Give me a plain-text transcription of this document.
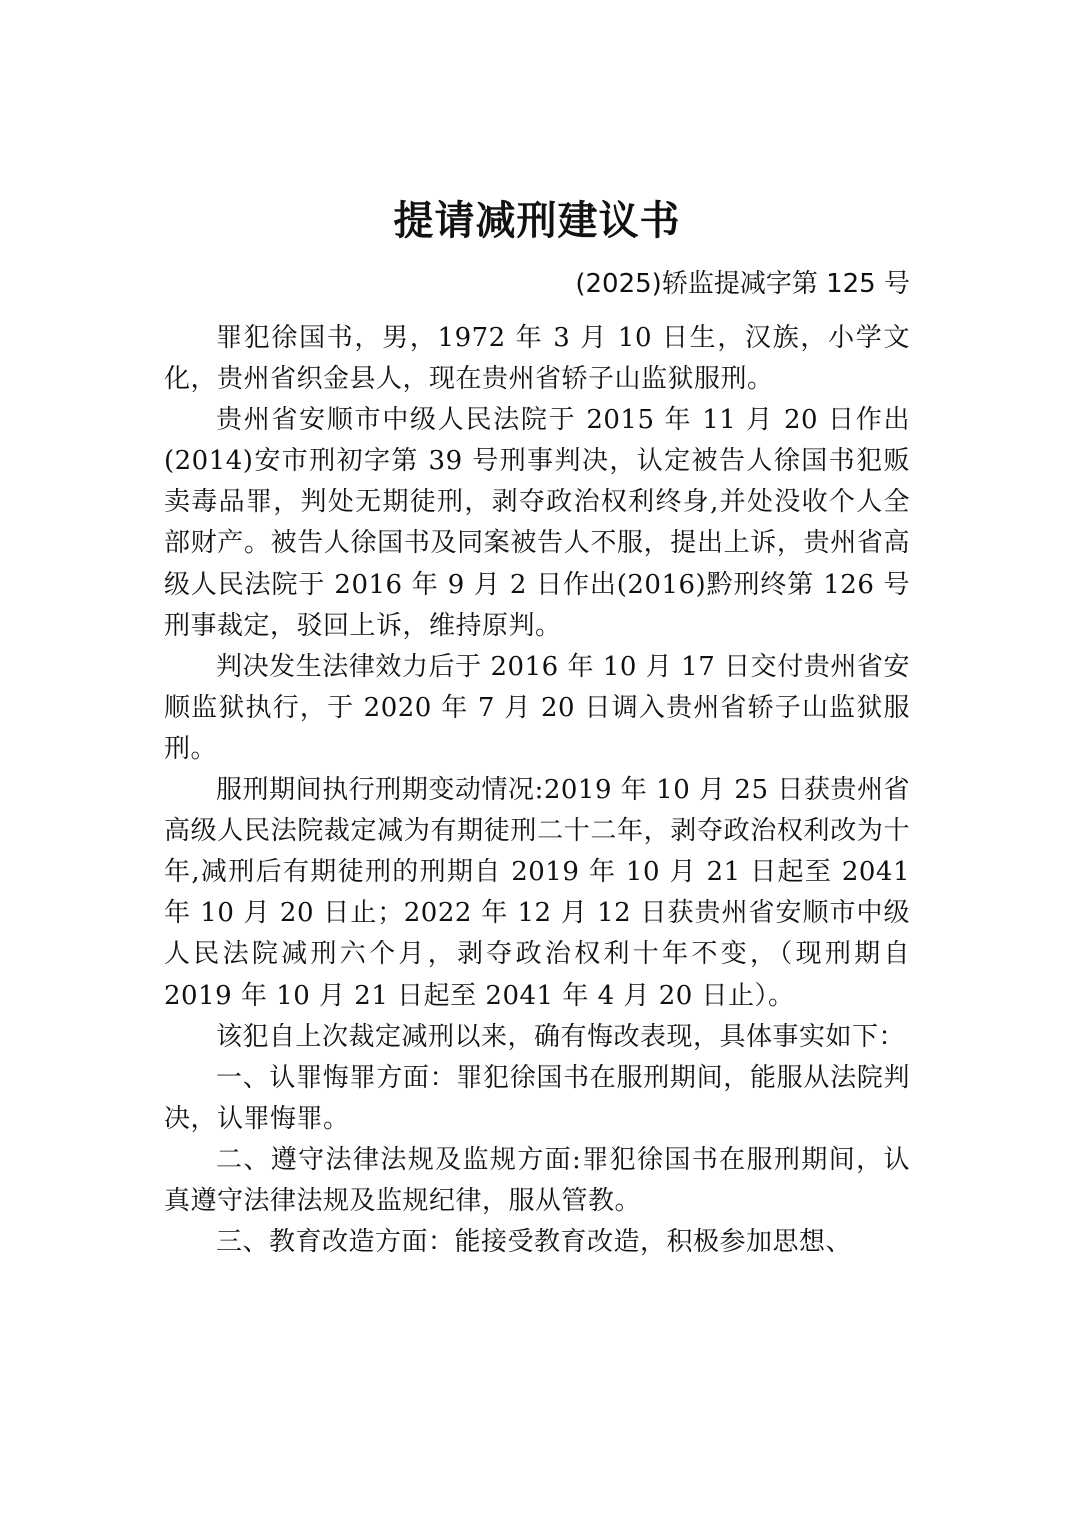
提请减刑建议书
(2025)轿监提减字第 125 号

罪犯徐国书，男，1972 年 3 月 10 日生，汉族，小学文化，贵州省织金县人，现在贵州省轿子山监狱服刑。

贵州省安顺市中级人民法院于 2015 年 11 月 20 日作出(2014)安市刑初字第 39 号刑事判决，认定被告人徐国书犯贩卖毒品罪，判处无期徒刑，剥夺政治权利终身,并处没收个人全部财产。被告人徐国书及同案被告人不服，提出上诉，贵州省高级人民法院于 2016 年 9 月 2 日作出(2016)黔刑终第 126 号刑事裁定，驳回上诉，维持原判。

判决发生法律效力后于 2016 年 10 月 17 日交付贵州省安顺监狱执行，于 2020 年 7 月 20 日调入贵州省轿子山监狱服刑。

服刑期间执行刑期变动情况:2019 年 10 月 25 日获贵州省高级人民法院裁定减为有期徒刑二十二年，剥夺政治权利改为十年,减刑后有期徒刑的刑期自 2019 年 10 月 21 日起至 2041 年 10 月 20 日止；2022 年 12 月 12 日获贵州省安顺市中级人民法院减刑六个月，剥夺政治权利十年不变，（现刑期自 2019 年 10 月 21 日起至 2041 年 4 月 20 日止）。

该犯自上次裁定减刑以来，确有悔改表现，具体事实如下：

一、认罪悔罪方面：罪犯徐国书在服刑期间，能服从法院判决，认罪悔罪。

二、遵守法律法规及监规方面:罪犯徐国书在服刑期间，认真遵守法律法规及监规纪律，服从管教。

三、教育改造方面：能接受教育改造，积极参加思想、
